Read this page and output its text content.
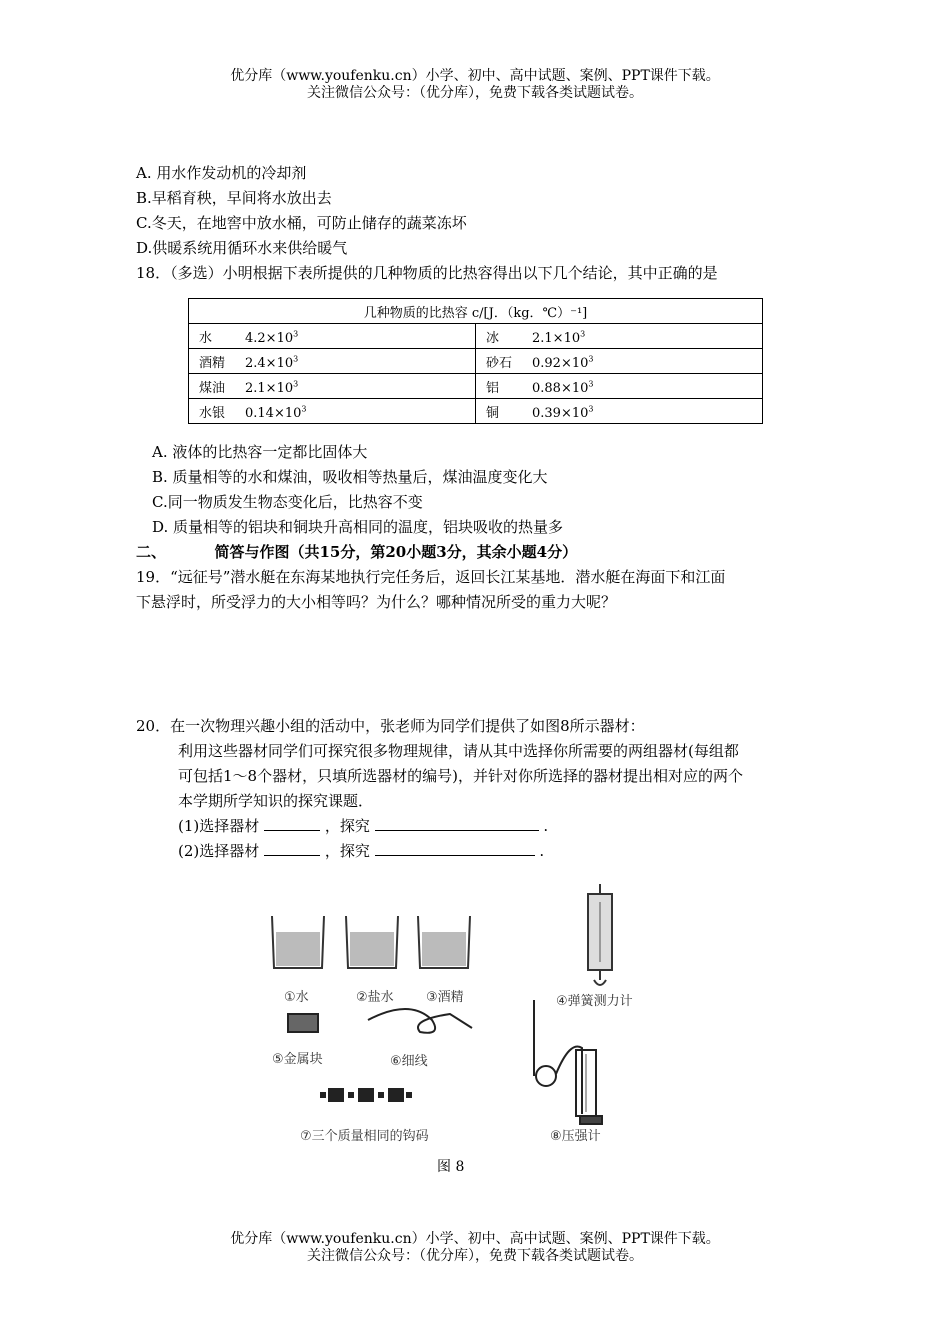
优分库（www.youfenku.cn）小学、初中、高中试题、案例、PPT课件下载。
关注微信公众号：（优分库），免费下载各类试题试卷。
A. 用水作发动机的冷却剂
B.早稻育秧，早间将水放出去
C.冬天，在地窖中放水桶，可防止储存的蔬菜冻坏
D.供暖系统用循环水来供给暖气
18．（多选）小明根据下表所提供的几种物质的比热容得出以下几个结论，其中正确的是
几种物质的比热容 c/[J．（kg．℃）⁻¹]	
水 $4.2\times 10^3$	冰 $2.1\times 10^3$
酒精 $2.4\times 10^3$	砂石 $0.92\times 10^3$
煤油 $2.1\times 10^3$	铝 $0.88\times 10^3$
水银 $0.14\times 10^3$	铜 $0.39\times 10^3$
A. 液体的比热容一定都比固体大
B. 质量相等的水和煤油，吸收相等热量后，煤油温度变化大
C.同一物质发生物态变化后，比热容不变
D. 质量相等的铝块和铜块升高相同的温度，铝块吸收的热量多
二、	简答与作图（共15分，第20小题3分，其余小题4分）
19．“远征号”潜水艇在东海某地执行完任务后，返回长江某基地．潜水艇在海面下和江面
下悬浮时，所受浮力的大小相等吗？为什么？哪种情况所受的重力大呢？
20．在一次物理兴趣小组的活动中，张老师为同学们提供了如图8所示器材：
利用这些器材同学们可探究很多物理规律，请从其中选择你所需要的两组器材(每组都
可包括1～8个器材，只填所选器材的编号)，并针对你所选择的器材提出相对应的两个
本学期所学知识的探究课题．
(1)选择器材	，探究	.
(2)选择器材	，探究	.
①水	②盐水 ③酒精	④弹簧测力计
⑤金属块	⑥细线
⑦三个质量相同的钩码	⑧压强计
图 8
优分库（www.youfenku.cn）小学、初中、高中试题、案例、PPT课件下载。
关注微信公众号：（优分库），免费下载各类试题试卷。
